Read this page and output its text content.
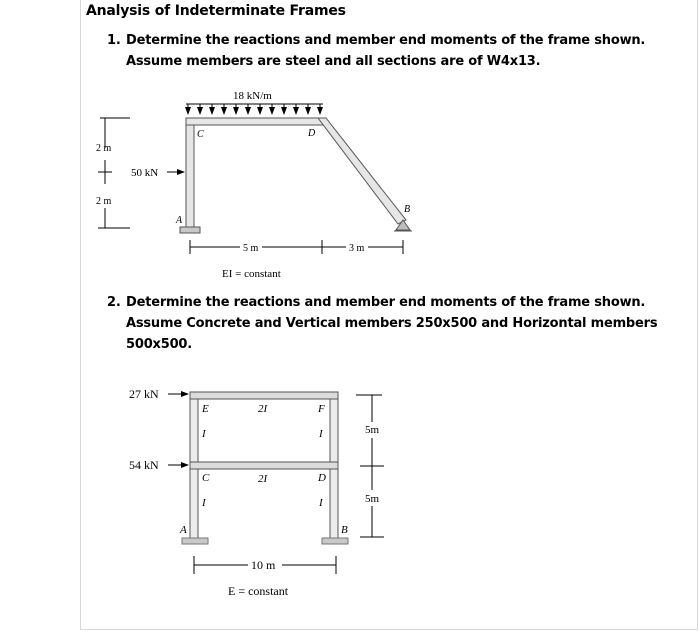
Analysis of Indeterminate Frames
1. Determine the reactions and member end moments of the frame shown.
Assume members are steel and all sections are of W4x13.
2. Determine the reactions and member end moments of the frame shown.
Assume Concrete and Vertical members 250x500 and Horizontal members
500x500.
18 kN/m
C	D
A
B
50 kN
2 m
2 m
5 m	3 m
EI = constant
E	F
C	D
A	B
2I
2I
I	I
I	I
27 kN
54 kN
5m
5m
10 m
E = constant
